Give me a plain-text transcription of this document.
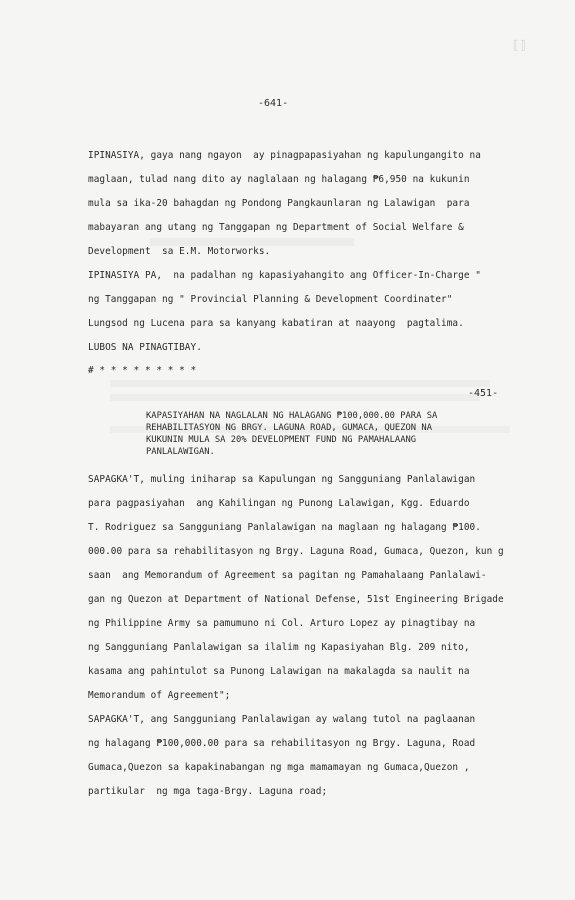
⟦⟧
-641-
IPINASIYA, gaya nang ngayon  ay pinagpapasiyahan ng kapulungangito na
maglaan, tulad nang dito ay naglalaan ng halagang ₱6,950 na kukunin
mula sa ika-20 bahagdan ng Pondong Pangkaunlaran ng Lalawigan  para
mabayaran ang utang ng Tanggapan ng Department of Social Welfare &
Development  sa E.M. Motorworks.
IPINASIYA PA,  na padalhan ng kapasiyahangito ang Officer-In-Charge "
ng Tanggapan ng " Provincial Planning & Development Coordinater"
Lungsod ng Lucena para sa kanyang kabatiran at naayong  pagtalima.
LUBOS NA PINAGTIBAY.
# * * * * * * * * *
-451-
KAPASIYAHAN NA NAGLALAN NG HALAGANG ₱100,000.00 PARA SA
REHABILITASYON NG BRGY. LAGUNA ROAD, GUMACA, QUEZON NA
KUKUNIN MULA SA 20% DEVELOPMENT FUND NG PAMAHALAANG
PANLALAWIGAN.
SAPAGKA'T, muling iniharap sa Kapulungan ng Sangguniang Panlalawigan
para pagpasiyahan  ang Kahilingan ng Punong Lalawigan, Kgg. Eduardo
T. Rodriguez sa Sangguniang Panlalawigan na maglaan ng halagang ₱100.
000.00 para sa rehabilitasyon ng Brgy. Laguna Road, Gumaca, Quezon, kun g
saan  ang Memorandum of Agreement sa pagitan ng Pamahalaang Panlalawi-
gan ng Quezon at Department of National Defense, 51st Engineering Brigade
ng Philippine Army sa pamumuno ni Col. Arturo Lopez ay pinagtibay na
ng Sangguniang Panlalawigan sa ilalim ng Kapasiyahan Blg. 209 nito,
kasama ang pahintulot sa Punong Lalawigan na makalagda sa naulit na
Memorandum of Agreement";
SAPAGKA'T, ang Sangguniang Panlalawigan ay walang tutol na paglaanan
ng halagang ₱100,000.00 para sa rehabilitasyon ng Brgy. Laguna, Road
Gumaca,Quezon sa kapakinabangan ng mga mamamayan ng Gumaca,Quezon ,
partikular  ng mga taga-Brgy. Laguna road;
